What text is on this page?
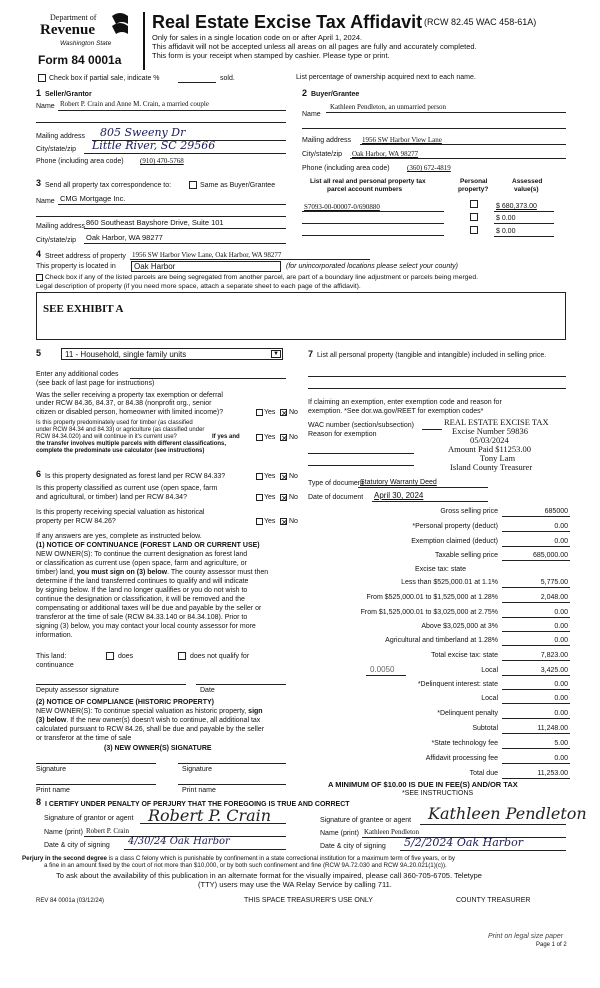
Department of
Revenue
Washington State
Form 84 0001a
Real Estate Excise Tax Affidavit (RCW 82.45 WAC 458-61A)
Only for sales in a single location code on or after April 1, 2024.
This affidavit will not be accepted unless all areas on all pages are fully and accurately completed.
This form is your receipt when stamped by cashier. Please type or print.
Check box if partial sale, indicate %	sold.	List percentage of ownership acquired next to each name.
1 Seller/Grantor
Name Robert P. Crain and Anne M. Crain, a married couple
Mailing address 805 Sweeny Dr
City/state/zip Little River, SC 29566
Phone (including area code) (910) 470-5768
2 Buyer/Grantee
Kathleen Pendleton, an unmarried person
Name
Mailing address 1956 SW Harbor View Lane
City/state/zip Oak Harbor, WA 98277
Phone (including area code) (360) 672-4819
3 Send all property tax correspondence to:	Same as Buyer/Grantee
Name CMG Mortgage Inc.
Mailing address 860 Southeast Bayshore Drive, Suite 101
City/state/zip Oak Harbor, WA 98277
List all real and personal property tax
parcel account numbers
Personal
property?
Assessed
value(s)
S7093-00-00007-0/690880	$ 680,373.00
$ 0.00
$ 0.00
4 Street address of property 1956 SW Harbor View Lane, Oak Harbor, WA 98277
This property is located in Oak Harbor	(for unincorporated locations please select your county)
Check box if any of the listed parcels are being segregated from another parcel, are part of a boundary line adjustment or parcels being merged.
Legal description of property (if you need more space, attach a separate sheet to each page of the affidavit).
SEE EXHIBIT A
5	11 - Household, single family units	▼
Enter any additional codes
(see back of last page for instructions)
Was the seller receiving a property tax exemption or deferral
under RCW 84.36, 84.37, or 84.38 (nonprofit org., senior
citizen or disabled person, homeowner with limited income)?	Yes ✕ No
Is this property predominately used for timber (as classified
under RCW 84.34 and 84.33) or agriculture (as classified under
RCW 84.34.020) and will continue in it's current use?	If yes and
the transfer involves multiple parcels with different classifications,
complete the predominate use calculator (see instructions)
Yes ✕ No
6 Is this property designated as forest land per RCW 84.33?	Yes ✕ No
Is this property classified as current use (open space, farm
and agricultural, or timber) land per RCW 84.34?	Yes ✕ No
Is this property receiving special valuation as historical
property per RCW 84.26?	Yes ✕ No
If any answers are yes, complete as instructed below.
(1) NOTICE OF CONTINUANCE (FOREST LAND OR CURRENT USE)
NEW OWNER(S): To continue the current designation as forest land
or classification as current use (open space, farm and agriculture, or
timber) land, you must sign on (3) below. The county assessor must then
determine if the land transferred continues to qualify and will indicate
by signing below. If the land no longer qualifies or you do not wish to
continue the designation or classification, it will be removed and the
compensating or additional taxes will be due and payable by the seller or
transferor at the time of sale (RCW 84.33.140 or 84.34.108). Prior to
signing (3) below, you may contact your local county assessor for more
information.
This land:	does	does not qualify for
continuance
Deputy assessor signature	Date
(2) NOTICE OF COMPLIANCE (HISTORIC PROPERTY)
NEW OWNER(S): To continue special valuation as historic property, sign
(3) below. If the new owner(s) doesn't wish to continue, all additional tax
calculated pursuant to RCW 84.26, shall be due and payable by the seller
or transferor at the time of sale
(3) NEW OWNER(S) SIGNATURE
Signature	Signature
Print name	Print name
7 List all personal property (tangible and intangible) included in selling price.
If claiming an exemption, enter exemption code and reason for
exemption. *See dor.wa.gov/REET for exemption codes*
WAC number (section/subsection)
Reason for exemption
REAL ESTATE EXCISE TAX
Excise Number 59836
05/03/2024
Amount Paid $11253.00
Tony Lam
Island County Treasurer
Type of document
Statutory Warranty Deed
Date of document April 30, 2024
Gross selling price	685000
*Personal property (deduct)	0.00
Exemption claimed (deduct)	0.00
Taxable selling price	685,000.00
Excise tax: state
Less than $525,000.01 at 1.1%	5,775.00
From $525,000.01 to $1,525,000 at 1.28%	2,048.00
From $1,525,000.01 to $3,025,000 at 2.75%	0.00
Above $3,025,000 at 3%	0.00
Agricultural and timberland at 1.28%	0.00
Total excise tax: state	7,823.00
0.0050	Local	3,425.00
*Delinquent interest: state	0.00
Local	0.00
*Delinquent penalty	0.00
Subtotal	11,248.00
*State technology fee	5.00
Affidavit processing fee	0.00
Total due	11,253.00
A MINIMUM OF $10.00 IS DUE IN FEE(S) AND/OR TAX
*SEE INSTRUCTIONS
8 I CERTIFY UNDER PENALTY OF PERJURY THAT THE FOREGOING IS TRUE AND CORRECT
Signature of grantor or agent Robert P. Crain
Name (print) Robert P. Crain
Date & city of signing 4/30/24 Oak Harbor
Signature of grantee or agent Kathleen Pendleton
Name (print) Kathleen Pendleton
Date & city of signing 5/2/2024 Oak Harbor
Perjury in the second degree is a class C felony which is punishable by confinement in a state correctional institution for a maximum term of five years, or by
a fine in an amount fixed by the court of not more than $10,000, or by both such confinement and fine (RCW 9A.72.030 and RCW 9A.20.021(1)(c)).
To ask about the availability of this publication in an alternate format for the visually impaired, please call 360-705-6705. Teletype
(TTY) users may use the WA Relay Service by calling 711.
REV 84 0001a (03/12/24)	THIS SPACE TREASURER'S USE ONLY	COUNTY TREASURER
Print on legal size paper
Page 1 of 2
